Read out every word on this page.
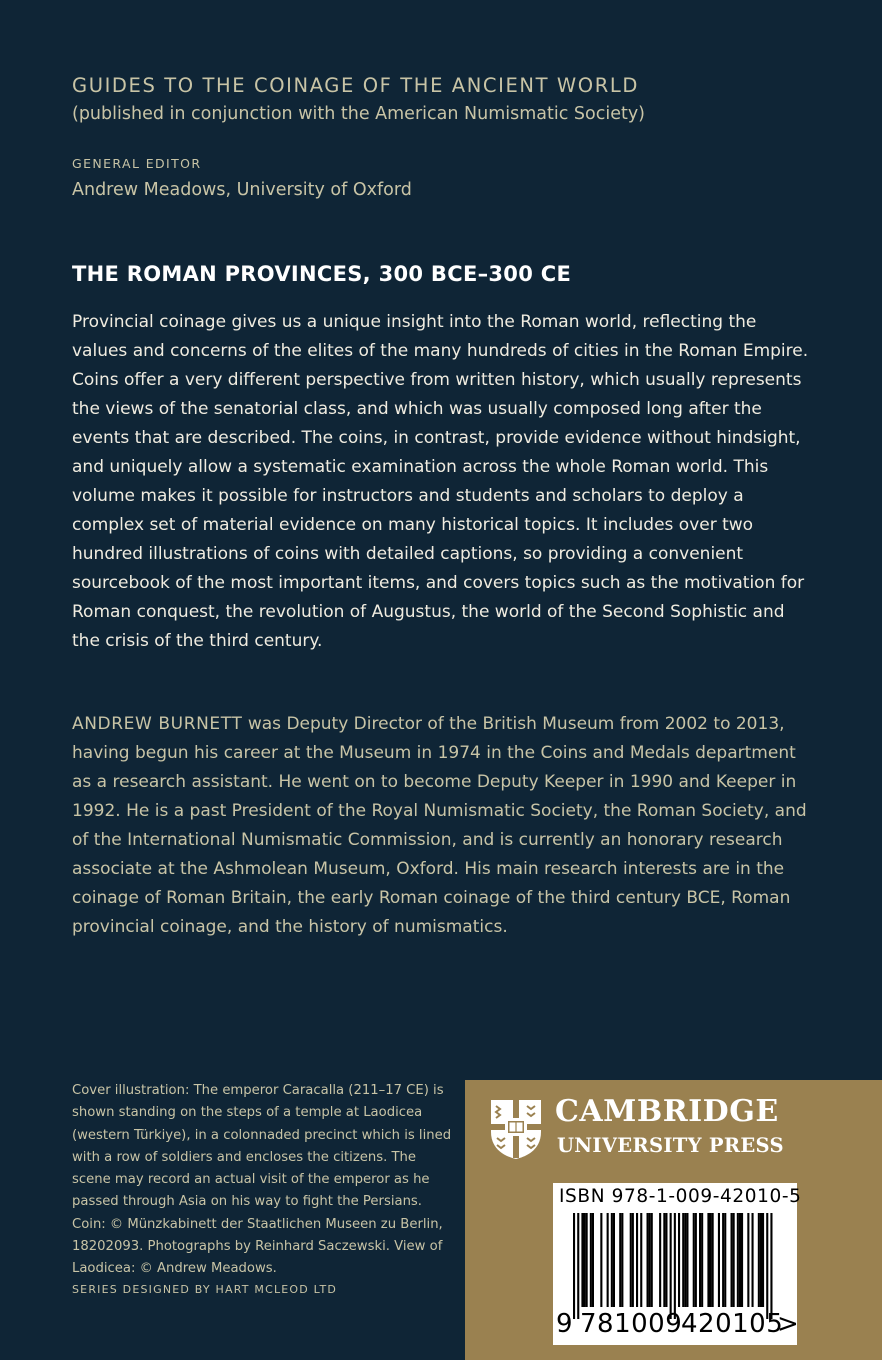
GUIDES TO THE COINAGE OF THE ANCIENT WORLD
(published in conjunction with the American Numismatic Society)
GENERAL EDITOR
Andrew Meadows, University of Oxford
THE ROMAN PROVINCES, 300 BCE–300 CE

Provincial coinage gives us a unique insight into the Roman world, reflecting the values and concerns of the elites of the many hundreds of cities in the Roman Empire. Coins offer a very different perspective from written history, which usually represents the views of the senatorial class, and which was usually composed long after the events that are described. The coins, in contrast, provide evidence without hindsight, and uniquely allow a systematic examination across the whole Roman world. This volume makes it possible for instructors and students and scholars to deploy a complex set of material evidence on many historical topics. It includes over two hundred illustrations of coins with detailed captions, so providing a convenient sourcebook of the most important items, and covers topics such as the motivation for Roman conquest, the revolution of Augustus, the world of the Second Sophistic and the crisis of the third century.

ANDREW BURNETT was Deputy Director of the British Museum from 2002 to 2013, having begun his career at the Museum in 1974 in the Coins and Medals department as a research assistant. He went on to become Deputy Keeper in 1990 and Keeper in 1992. He is a past President of the Royal Numismatic Society, the Roman Society, and of the International Numismatic Commission, and is currently an honorary research associate at the Ashmolean Museum, Oxford. His main research interests are in the coinage of Roman Britain, the early Roman coinage of the third century BCE, Roman provincial coinage, and the history of numismatics.

Cover illustration: The emperor Caracalla (211–17 CE) is shown standing on the steps of a temple at Laodicea (western Türkiye), in a colonnaded precinct which is lined with a row of soldiers and encloses the citizens. The scene may record an actual visit of the emperor as he passed through Asia on his way to fight the Persians. Coin: © Münzkabinett der Staatlichen Museen zu Berlin, 18202093. Photographs by Reinhard Saczewski. View of Laodicea: © Andrew Meadows.

SERIES DESIGNED BY HART MCLEOD LTD
CAMBRIDGE
UNIVERSITY PRESS
ISBN 978-1-009-42010-5
9 781009
420105
>
